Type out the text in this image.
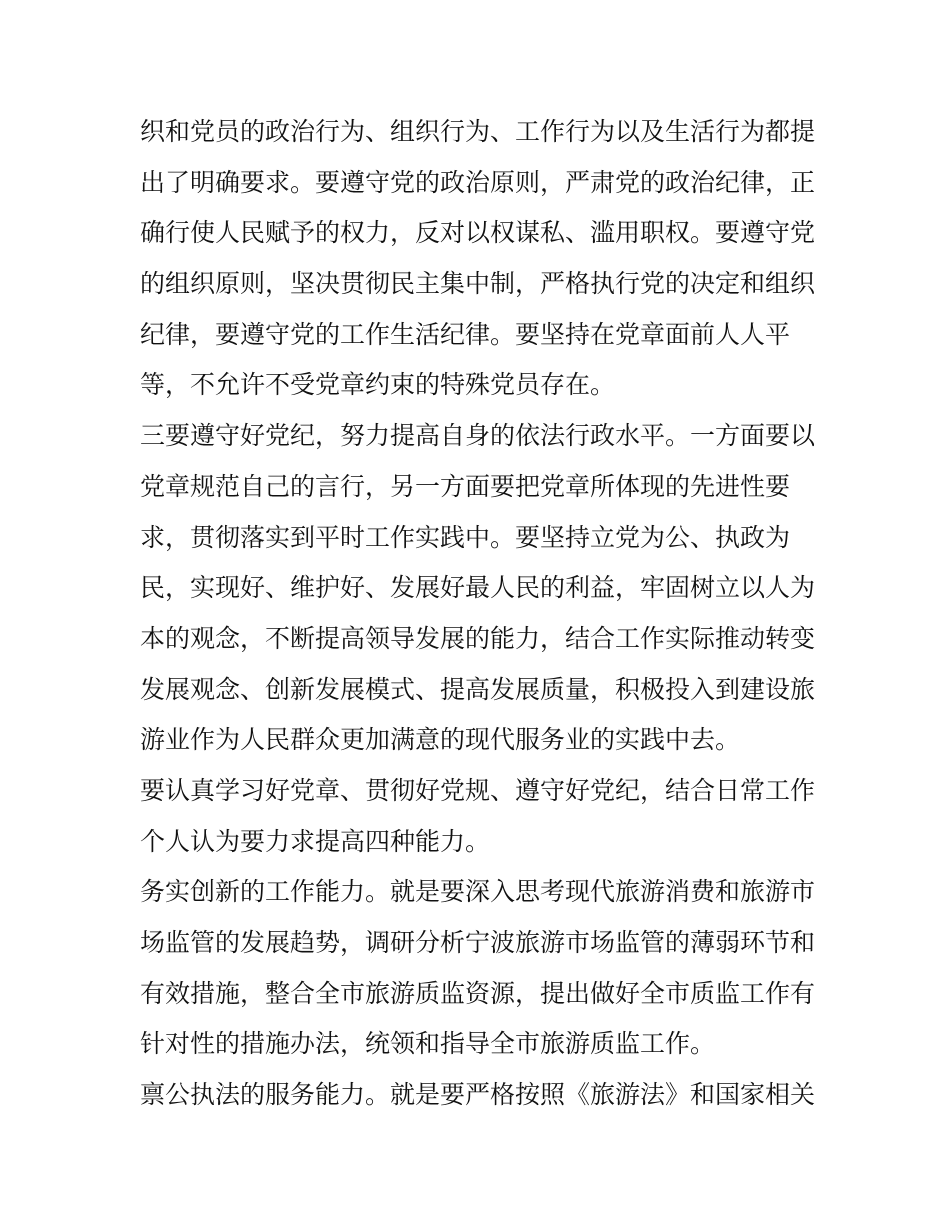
织和党员的政治行为、组织行为、工作行为以及生活行为都提
出了明确要求。要遵守党的政治原则，严肃党的政治纪律，正
确行使人民赋予的权力，反对以权谋私、滥用职权。要遵守党
的组织原则，坚决贯彻民主集中制，严格执行党的决定和组织
纪律，要遵守党的工作生活纪律。要坚持在党章面前人人平
等，不允许不受党章约束的特殊党员存在。
三要遵守好党纪，努力提高自身的依法行政水平。一方面要以
党章规范自己的言行，另一方面要把党章所体现的先进性要
求，贯彻落实到平时工作实践中。要坚持立党为公、执政为
民，实现好、维护好、发展好最人民的利益，牢固树立以人为
本的观念，不断提高领导发展的能力，结合工作实际推动转变
发展观念、创新发展模式、提高发展质量，积极投入到建设旅
游业作为人民群众更加满意的现代服务业的实践中去。
要认真学习好党章、贯彻好党规、遵守好党纪，结合日常工作
个人认为要力求提高四种能力。
务实创新的工作能力。就是要深入思考现代旅游消费和旅游市
场监管的发展趋势，调研分析宁波旅游市场监管的薄弱环节和
有效措施，整合全市旅游质监资源，提出做好全市质监工作有
针对性的措施办法，统领和指导全市旅游质监工作。
禀公执法的服务能力。就是要严格按照《旅游法》和国家相关
